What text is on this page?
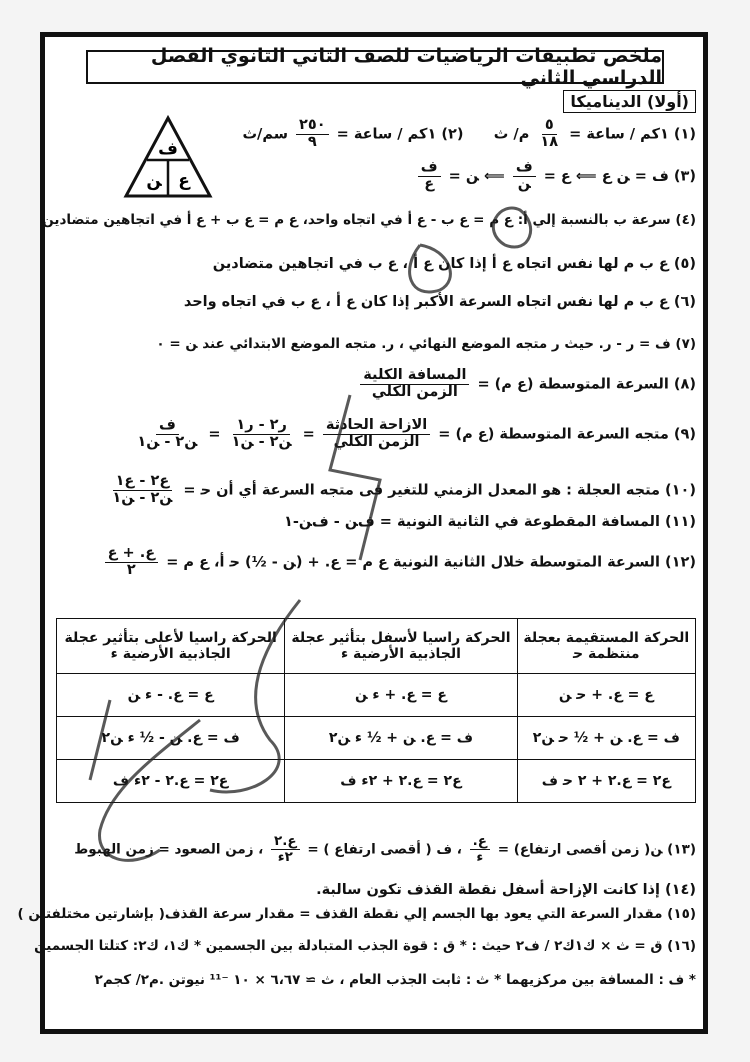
ملخص تطبيقات الرياضيات للصف الثاني الثانوي الفصل الدراسي الثاني
(أولا) الديناميكا
ف
ﻦ ع
(١) ١كم / ساعة =
$\frac{٥}{١٨}$
م/ ث      (٢) ١كم / ساعة =
$\frac{٢٥٠}{٩}$
سم/ث
(٣) ف = ﻦ ع ⟸ ع =
$\frac{\text{ف}}{\text{ﻦ}}$
⟸ ﻦ =
$\frac{\text{ف}}{\text{ع}}$
(٤) سرعة ب بالنسبة إلي أ: ع م = ع ب - ع أ في اتجاه واحد، ع م = ع ب + ع أ في اتجاهين متضادين
(٥) ع ب م لها نفس اتجاه ع أ إذا كان ع أ ، ع ب في اتجاهين متضادين
(٦) ع ب م لها نفس اتجاه السرعة الأكبر إذا كان ع أ ، ع ب في اتجاه واحد
(٧) ف = ﺭ - ﺭ. حيث ﺭ متجه الموضع النهائي ، ﺭ. متجه الموضع الابتدائي عند ﻦ = ٠
(٨) السرعة المتوسطة (ع م) =
$\frac{\text{المسافة الكلية}}{\text{الزمن الكلي}}$
(٩) متجه السرعة المتوسطة (ع م) =
$\frac{\text{الازاحة الحادثة}}{\text{الزمن الكلي}}$
=
$\frac{\text{ﺭ٢ - ﺭ١}}{\text{ﻦ٢ - ﻦ١}}$
=
$\frac{\text{ف}}{\text{ﻦ٢ - ﻦ١}}$
(١٠) متجه العجلة : هو المعدل الزمني للتغير فى متجه السرعة أي أن ﺣ =
$\frac{\text{ع٢ - ع١}}{\text{ﻦ٢ - ﻦ١}}$
(١١) المسافة المقطوعة في الثانية النونية = فﻦ - فﻦ-١
(١٢) السرعة المتوسطة خلال الثانية النونية ع م = ع. + (ﻦ - ½) ﺣ أ، ع م =
$\frac{\text{ع. + ع}}{٢}$
الحركة المستقيمة بعجلة منتظمة ﺣ	الحركة راسيا لأسفل بتأثير عجلة الجاذبية الأرضية ء	الحركة راسيا لأعلى بتأثير عجلة الجاذبية الأرضية ء
ع = ع. + ﺣ ﻦ	ع = ع. + ء ﻦ	ع = ع. - ء ﻦ
ف = ع. ﻦ + ½ ﺣ ﻦ٢	ف = ع. ﻦ + ½ ء ﻦ٢	ف = ع. ﻦ - ½ ء ﻦ٢
ع٢ = ع.٢ + ٢ ﺣ ف	ع٢ = ع.٢ + ٢ء ف	ع٢ = ع.٢ - ٢ء ف
(١٣) ﻦ( زمن أقصى ارتفاع) =
$\frac{\text{ع.}}{\text{ء}}$
، ف ( أقصى ارتفاع ) =
$\frac{\text{ع.٢}}{\text{٢ء}}$
، زمن الصعود = زمن الهبوط
(١٤) إذا كانت الإزاحة أسفل نقطة القذف تكون سالبة.
(١٥) مقدار السرعة التي يعود بها الجسم إلي نقطة القذف = مقدار سرعة القذف( بإشارتين مختلفتين )
(١٦) ق = ث × ك١ك٢ / ف٢ حيث : * ق : قوة الجذب المتبادلة بين الجسمين * ك١، ك٢: كتلتا الجسمين
* ف : المسافة بين مركزيهما * ث : ثابت الجذب العام ، ث ≃ ٦،٦٧ × ١٠ ⁻¹¹ نيوتن .م٢/ كجم٢
